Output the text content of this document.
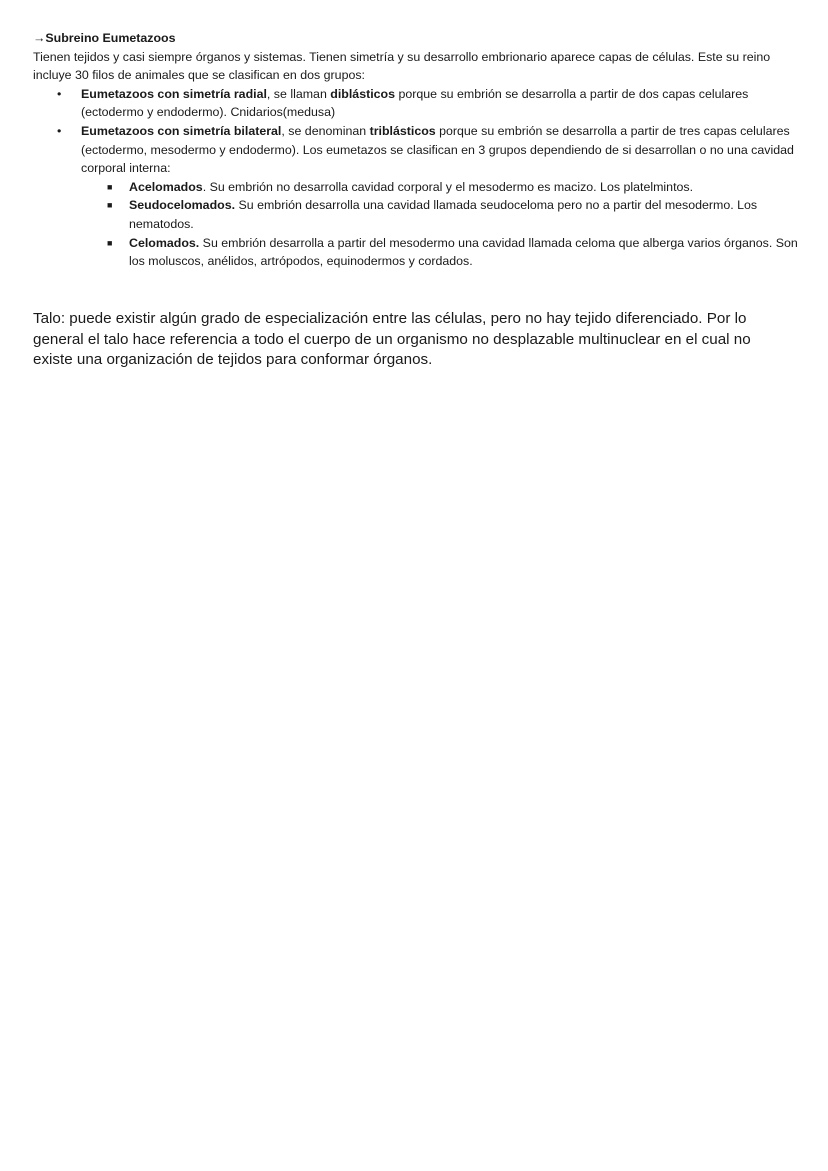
→Subreino Eumetazoos

Tienen tejidos y casi siempre órganos y sistemas. Tienen simetría y su desarrollo embrionario aparece capas de células. Este su reino incluye 30 filos de animales que se clasifican en dos grupos:

• Eumetazoos con simetría radial, se llaman diblásticos porque su embrión se desarrolla a partir de dos capas celulares (ectodermo y endodermo). Cnidarios(medusa)
• Eumetazoos con simetría bilateral, se denominan triblásticos porque su embrión se desarrolla a partir de tres capas celulares (ectodermo, mesodermo y endodermo). Los eumetazos se clasifican en 3 grupos dependiendo de si desarrollan o no una cavidad corporal interna:
■ Acelomados. Su embrión no desarrolla cavidad corporal y el mesodermo es macizo. Los platelmintos.
■ Seudocelomados. Su embrión desarrolla una cavidad llamada seudoceloma pero no a partir del mesodermo. Los nematodos.
■ Celomados. Su embrión desarrolla a partir del mesodermo una cavidad llamada celoma que alberga varios órganos. Son los moluscos, anélidos, artrópodos, equinodermos y cordados.

Talo: puede existir algún grado de especialización entre las células, pero no hay tejido diferenciado. Por lo general el talo hace referencia a todo el cuerpo de un organismo no desplazable multinuclear en el cual no existe una organización de tejidos para conformar órganos.
